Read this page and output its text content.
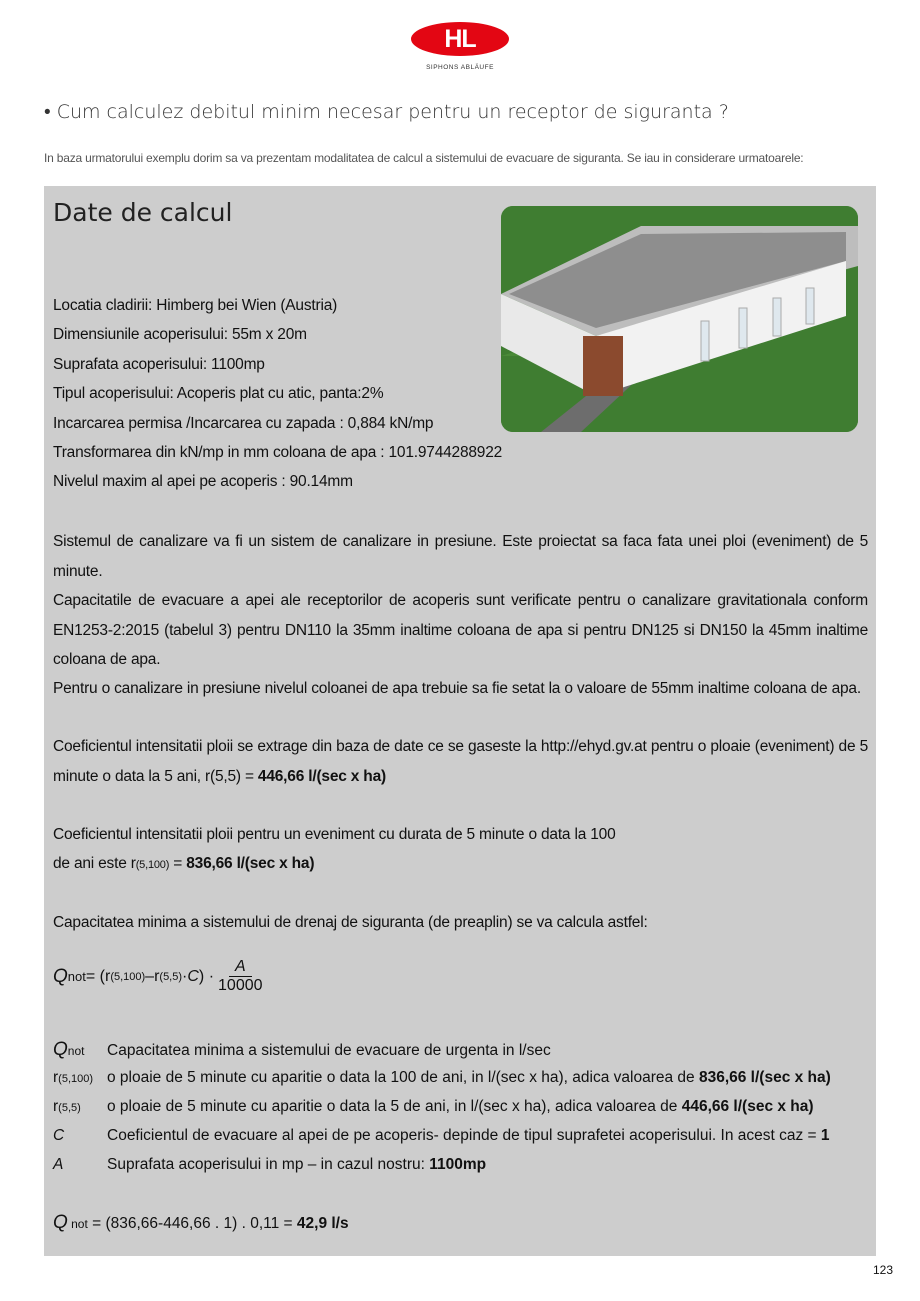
HL
SIPHONS ABLÄUFE
• Cum calculez debitul minim necesar pentru un receptor de siguranta ?
In baza urmatorului exemplu dorim sa va prezentam modalitatea de calcul a sistemului de evacuare de siguranta. Se iau in considerare urmatoarele:
Date de calcul
Locatia cladirii: Himberg bei Wien (Austria)
Dimensiunile acoperisului: 55m x 20m
Suprafata acoperisului: 1100mp
Tipul acoperisului: Acoperis plat cu atic, panta:2%
Incarcarea permisa /Incarcarea cu zapada : 0,884 kN/mp
Transformarea din kN/mp in mm coloana de apa : 101.9744288922
Nivelul maxim al apei pe acoperis : 90.14mm
Sistemul de canalizare va fi un sistem de canalizare in presiune. Este proiectat sa faca fata unei ploi (eveniment) de 5 minute.
Capacitatile de evacuare a apei ale receptorilor de acoperis sunt verificate pentru o canalizare gravitationala conform EN1253-2:2015 (tabelul 3) pentru DN110 la 35mm inaltime coloana de apa si pentru DN125 si DN150 la 45mm inaltime coloana de apa.
Pentru o canalizare in presiune nivelul coloanei de apa trebuie sa fie setat la o valoare de 55mm inaltime coloana de apa.
Coeficientul intensitatii ploii se extrage din baza de date ce se gaseste la http://ehyd.gv.at pentru o ploaie (eveniment) de 5 minute o data la 5 ani, r(5,5) = 446,66 l/(sec x ha)
Coeficientul intensitatii ploii pentru un eveniment cu durata de 5 minute o data la 100
de ani este r(5,100) = 836,66 l/(sec x ha)
Capacitatea minima a sistemului de drenaj de siguranta (de preaplin) se va calcula astfel:
Q not = ( r (5,100) – r (5,5) · C ) · $\frac{A}{10000}$
Qnot Capacitatea minima a sistemului de evacuare de urgenta in l/sec
r(5,100) o ploaie de 5 minute cu aparitie o data la 100 de ani, in l/(sec x ha), adica valoarea de 836,66 l/(sec x ha)
r(5,5) o ploaie de 5 minute cu aparitie o data la 5 de ani, in l/(sec x ha), adica valoarea de 446,66 l/(sec x ha)
C	Coeficientul de evacuare al apei de pe acoperis- depinde de tipul suprafetei acoperisului. In acest caz = 1
A	Suprafata acoperisului in mp – in cazul nostru: 1100mp
Q not = (836,66-446,66 . 1) . 0,11 = 42,9 l/s
123
